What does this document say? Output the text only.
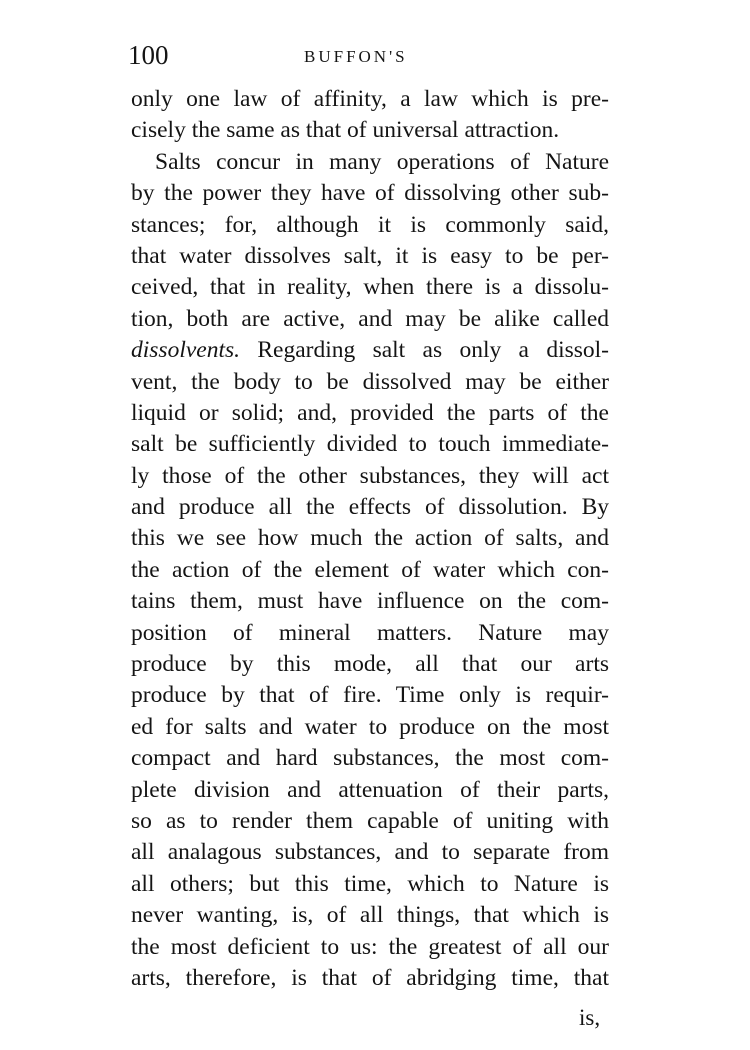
100	BUFFON'S
only one law of affinity, a law which is pre-
cisely the same as that of universal attraction.
Salts concur in many operations of Nature
by the power they have of dissolving other sub-
stances; for, although it is commonly said,
that water dissolves salt, it is easy to be per-
ceived, that in reality, when there is a dissolu-
tion, both are active, and may be alike called
dissolvents. Regarding salt as only a dissol-
vent, the body to be dissolved may be either
liquid or solid; and, provided the parts of the
salt be sufficiently divided to touch immediate-
ly those of the other substances, they will act
and produce all the effects of dissolution. By
this we see how much the action of salts, and
the action of the element of water which con-
tains them, must have influence on the com-
position of mineral matters. Nature may
produce by this mode, all that our arts
produce by that of fire. Time only is requir-
ed for salts and water to produce on the most
compact and hard substances, the most com-
plete division and attenuation of their parts,
so as to render them capable of uniting with
all analagous substances, and to separate from
all others; but this time, which to Nature is
never wanting, is, of all things, that which is
the most deficient to us: the greatest of all our
arts, therefore, is that of abridging time, that
is,
